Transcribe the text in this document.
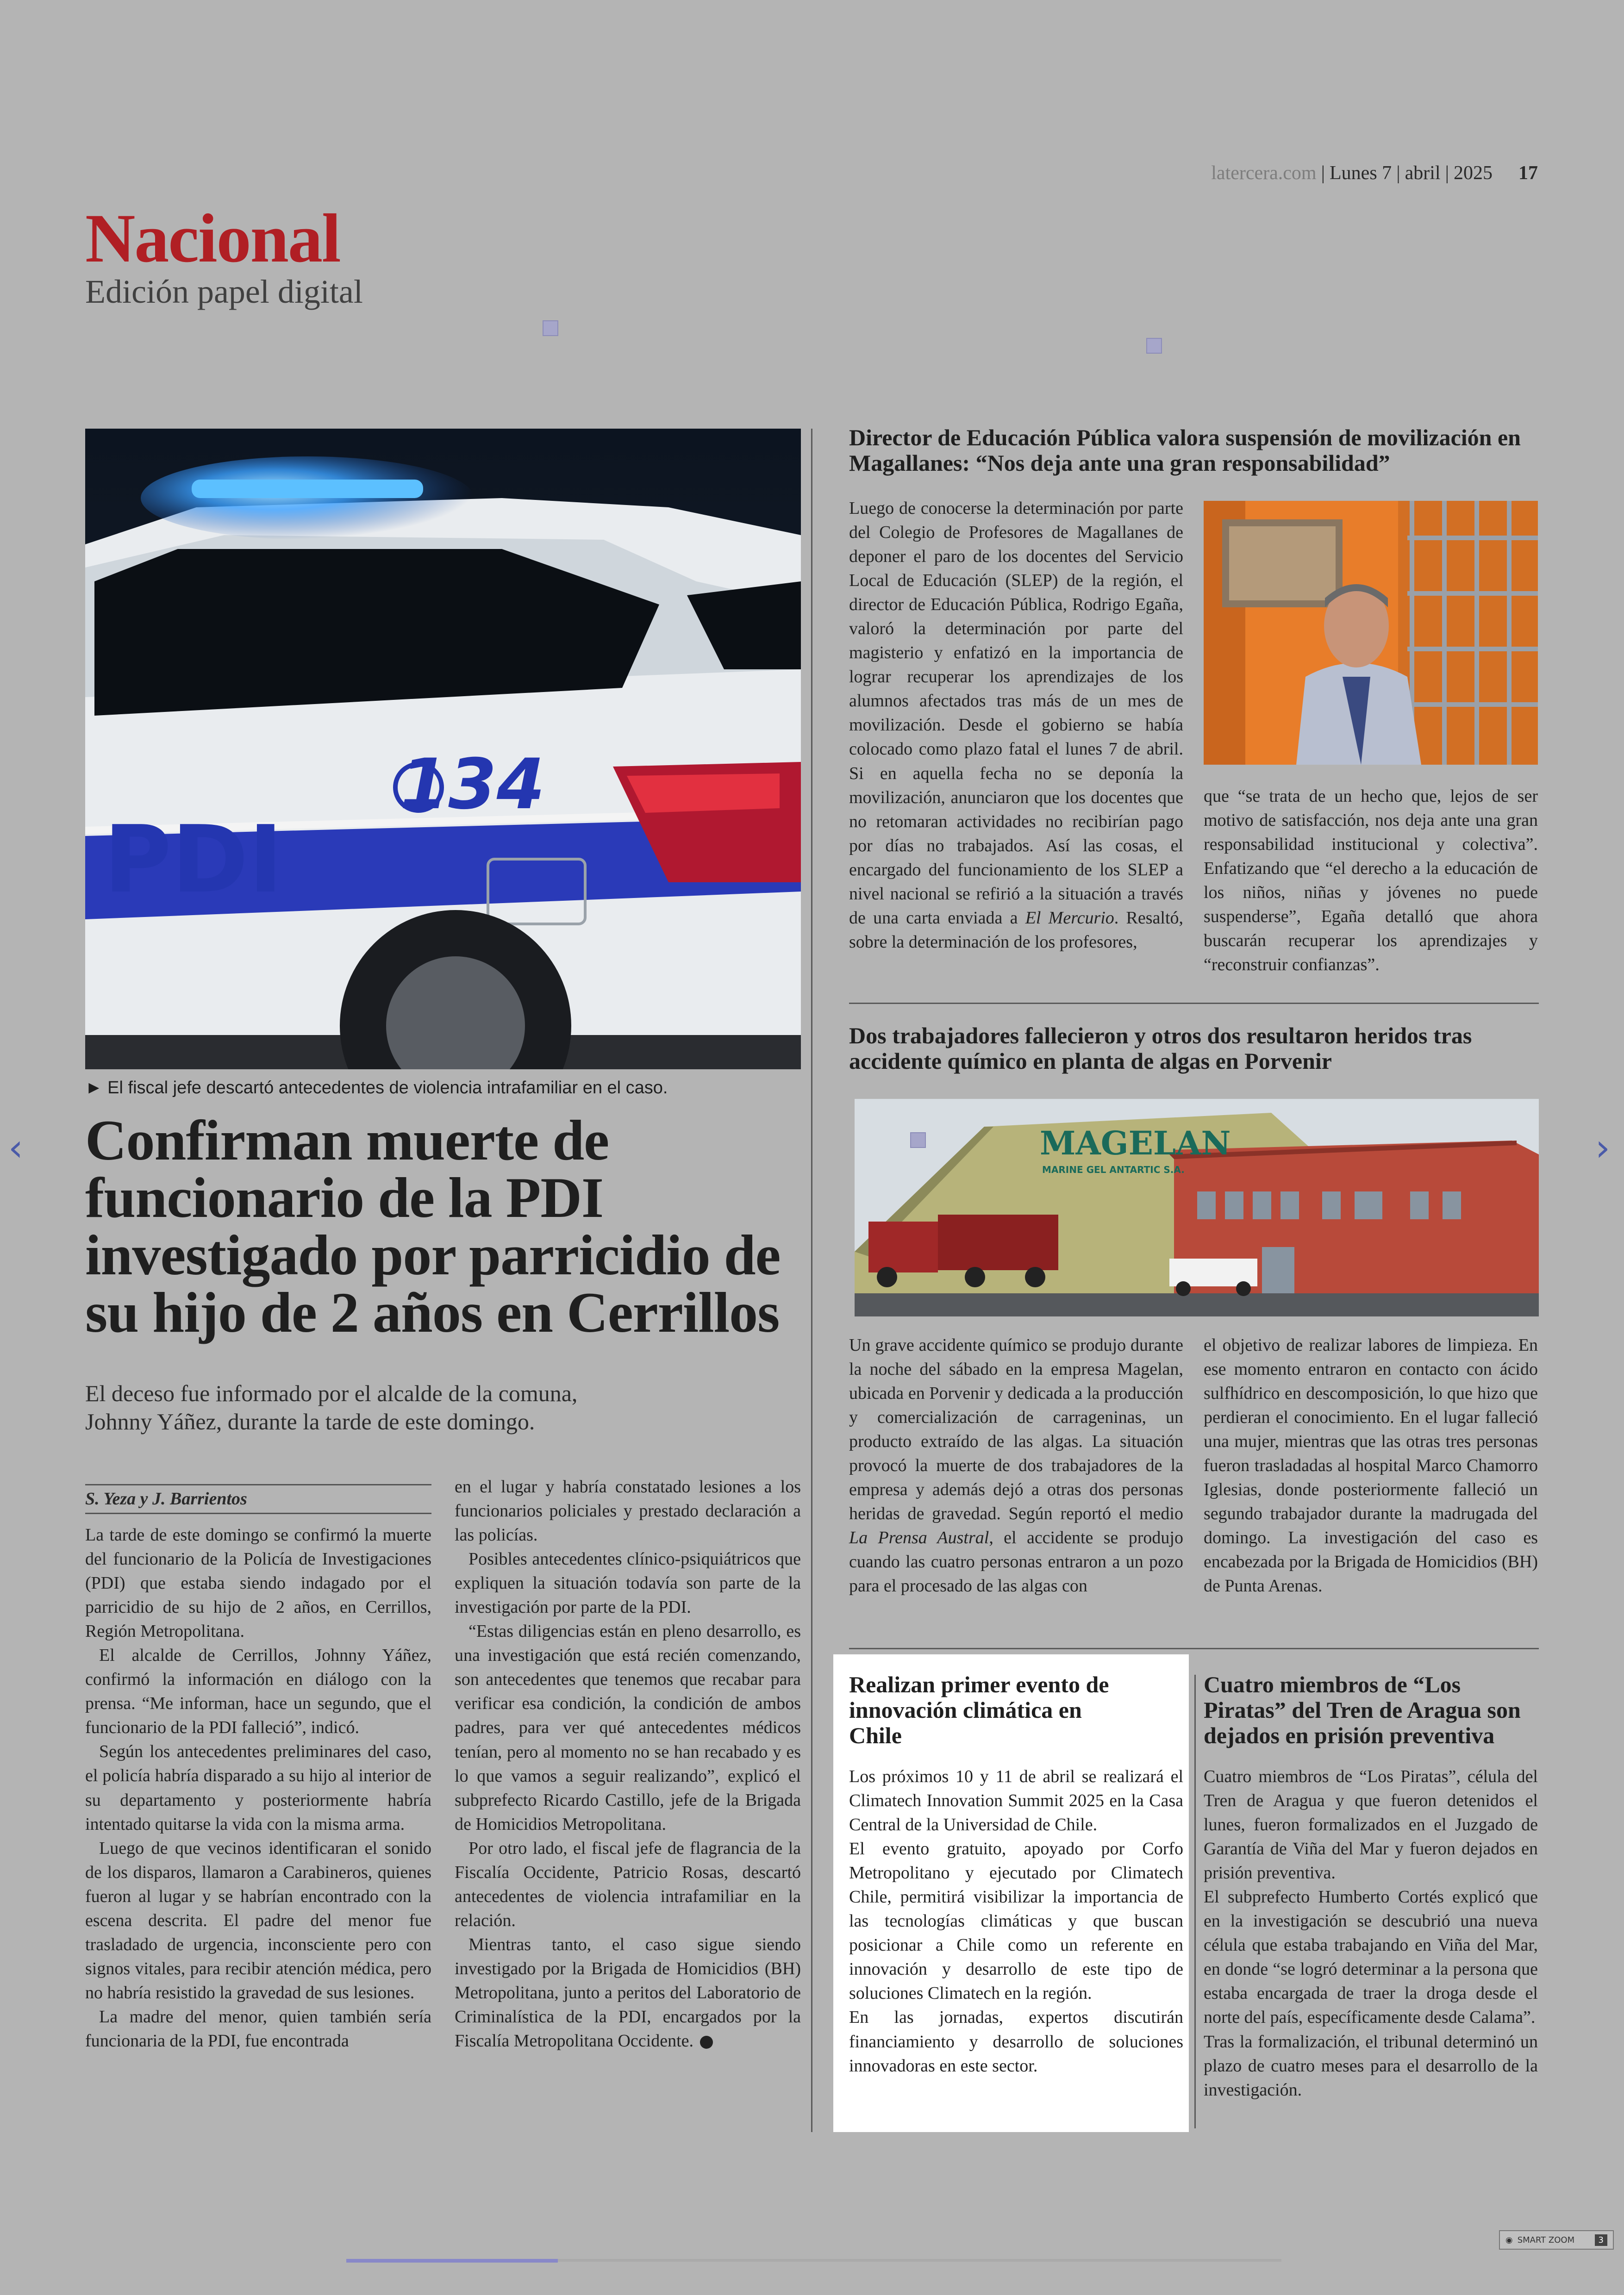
latercera.com | Lunes 7 | abril | 2025 17
Nacional
Edición papel digital
PDI
134
► El fiscal jefe descartó antecedentes de violencia intrafamiliar en el caso.
Confirman muerte de funcionario de la PDI investigado por parricidio de su hijo de 2 años en Cerrillos
El deceso fue informado por el alcalde de la comuna, Johnny Yáñez, durante la tarde de este domingo.
S. Yeza y J. Barrientos

La tarde de este domingo se confirmó la muerte del funcionario de la Policía de Investigaciones (PDI) que estaba siendo indagado por el parricidio de su hijo de 2 años, en Cerrillos, Región Metropolitana.

El alcalde de Cerrillos, Johnny Yáñez, confirmó la información en diálogo con la prensa. “Me informan, hace un segundo, que el funcionario de la PDI falleció”, indicó.

Según los antecedentes preliminares del caso, el policía habría disparado a su hijo al interior de su departamento y posteriormente habría intentado quitarse la vida con la misma arma.

Luego de que vecinos identificaran el sonido de los disparos, llamaron a Carabineros, quienes fueron al lugar y se habrían encontrado con la escena descrita. El padre del menor fue trasladado de urgencia, inconsciente pero con signos vitales, para recibir atención médica, pero no habría resistido la gravedad de sus lesiones.

La madre del menor, quien también sería funcionaria de la PDI, fue encontrada

en el lugar y habría constatado lesiones a los funcionarios policiales y prestado declaración a las policías.

Posibles antecedentes clínico-psiquiátricos que expliquen la situación todavía son parte de la investigación por parte de la PDI.

“Estas diligencias están en pleno desarrollo, es una investigación que está recién comenzando, son antecedentes que tenemos que recabar para verificar esa condición, la condición de ambos padres, para ver qué antecedentes médicos tenían, pero al momento no se han recabado y es lo que vamos a seguir realizando”, explicó el subprefecto Ricardo Castillo, jefe de la Brigada de Homicidios Metropolitana.

Por otro lado, el fiscal jefe de flagrancia de la Fiscalía Occidente, Patricio Rosas, descartó antecedentes de violencia intrafamiliar en la relación.

Mientras tanto, el caso sigue siendo investigado por la Brigada de Homicidios (BH) Metropolitana, junto a peritos del Laboratorio de Criminalística de la PDI, encargados por la Fiscalía Metropolitana Occidente.

Director de Educación Pública valora suspensión de movilización en Magallanes: “Nos deja ante una gran responsabilidad”

Luego de conocerse la determinación por parte del Colegio de Profesores de Magallanes de deponer el paro de los docentes del Servicio Local de Educación (SLEP) de la región, el director de Educación Pública, Rodrigo Egaña, valoró la determinación por parte del magisterio y enfatizó en la importancia de lograr recuperar los aprendizajes de los alumnos afectados tras más de un mes de movilización. Desde el gobierno se había colocado como plazo fatal el lunes 7 de abril. Si en aquella fecha no se deponía la movilización, anunciaron que los docentes que no retomaran actividades no recibirían pago por días no trabajados. Así las cosas, el encargado del funcionamiento de los SLEP a nivel nacional se refirió a la situación a través de una carta enviada a El Mercurio. Resaltó, sobre la determinación de los profesores,

que “se trata de un hecho que, lejos de ser motivo de satisfacción, nos deja ante una gran responsabilidad institucional y colectiva”. Enfatizando que “el derecho a la educación de los niños, niñas y jóvenes no puede suspenderse”, Egaña detalló que ahora buscarán recuperar los aprendizajes y “reconstruir confianzas”.

Dos trabajadores fallecieron y otros dos resultaron heridos tras accidente químico en planta de algas en Porvenir
MAGELAN
MARINE GEL ANTARTIC S.A.

Un grave accidente químico se produjo durante la noche del sábado en la empresa Magelan, ubicada en Porvenir y dedicada a la producción y comercialización de carrageninas, un producto extraído de las algas. La situación provocó la muerte de dos trabajadores de la empresa y además dejó a otras dos personas heridas de gravedad. Según reportó el medio La Prensa Austral, el accidente se produjo cuando las cuatro personas entraron a un pozo para el procesado de las algas con

el objetivo de realizar labores de limpieza. En ese momento entraron en contacto con ácido sulfhídrico en descomposición, lo que hizo que perdieran el conocimiento. En el lugar falleció una mujer, mientras que las otras tres personas fueron trasladadas al hospital Marco Chamorro Iglesias, donde posteriormente falleció un segundo trabajador durante la madrugada del domingo. La investigación del caso es encabezada por la Brigada de Homicidios (BH) de Punta Arenas.

Realizan primer evento de innovación climática en Chile

Los próximos 10 y 11 de abril se realizará el Climatech Innovation Summit 2025 en la Casa Central de la Universidad de Chile.

El evento gratuito, apoyado por Corfo Metropolitano y ejecutado por Climatech Chile, permitirá visibilizar la importancia de las tecnologías climáticas y que buscan posicionar a Chile como un referente en innovación y desarrollo de este tipo de soluciones Climatech en la región.

En las jornadas, expertos discutirán financiamiento y desarrollo de soluciones innovadoras en este sector.

Cuatro miembros de “Los Piratas” del Tren de Aragua son dejados en prisión preventiva

Cuatro miembros de “Los Piratas”, célula del Tren de Aragua y que fueron detenidos el lunes, fueron formalizados en el Juzgado de Garantía de Viña del Mar y fueron dejados en prisión preventiva.

El subprefecto Humberto Cortés explicó que en la investigación se descubrió una nueva célula que estaba trabajando en Viña del Mar, en donde “se logró determinar a la persona que estaba encargada de traer la droga desde el norte del país, específicamente desde Calama”.

Tras la formalización, el tribunal determinó un plazo de cuatro meses para el desarrollo de la investigación.

‹	›
◉ SMART ZOOM	3
